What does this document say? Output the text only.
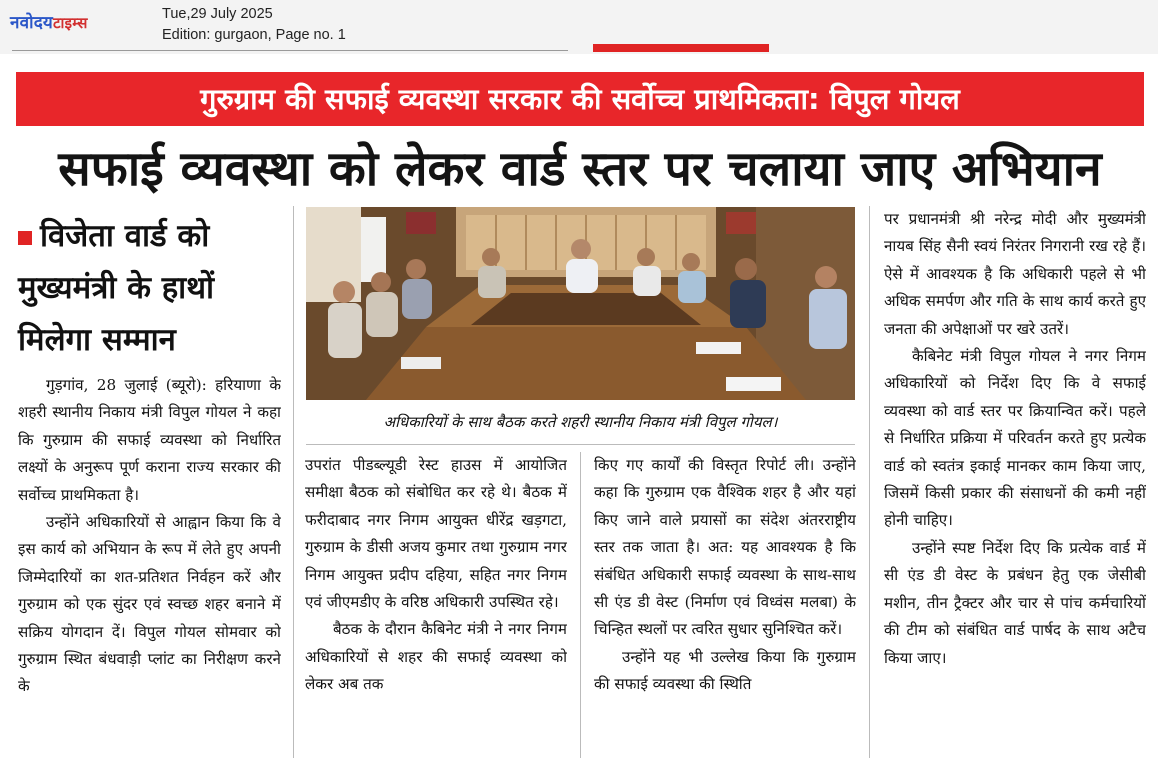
नवोदयटाइम्स	Tue,29 July 2025
Edition: gurgaon, Page no. 1
गुरुग्राम की सफाई व्यवस्था सरकार की सर्वोच्च प्राथमिकता: विपुल गोयल
सफाई व्यवस्था को लेकर वार्ड स्तर पर चलाया जाए अभियान
विजेता वार्ड को
मुख्यमंत्री के हाथों
मिलेगा सम्मान
अधिकारियों के साथ बैठक करते शहरी स्थानीय निकाय मंत्री विपुल गोयल।

गुड़गांव, 28 जुलाई (ब्यूरो): हरियाणा के शहरी स्थानीय निकाय मंत्री विपुल गोयल ने कहा कि गुरुग्राम की सफाई व्यवस्था को निर्धारित लक्ष्यों के अनुरूप पूर्ण कराना राज्य सरकार की सर्वोच्च प्राथमिकता है।

उन्होंने अधिकारियों से आह्वान किया कि वे इस कार्य को अभियान के रूप में लेते हुए अपनी जिम्मेदारियों का शत-प्रतिशत निर्वहन करें और गुरुग्राम को एक सुंदर एवं स्वच्छ शहर बनाने में सक्रिय योगदान दें। विपुल गोयल सोमवार को गुरुग्राम स्थित बंधवाड़ी प्लांट का निरीक्षण करने के

उपरांत पीडब्ल्यूडी रेस्ट हाउस में आयोजित समीक्षा बैठक को संबोधित कर रहे थे। बैठक में फरीदाबाद नगर निगम आयुक्त धीरेंद्र खड़गटा, गुरुग्राम के डीसी अजय कुमार तथा गुरुग्राम नगर निगम आयुक्त प्रदीप दहिया, सहित नगर निगम एवं जीएमडीए के वरिष्ठ अधिकारी उपस्थित रहे।

बैठक के दौरान कैबिनेट मंत्री ने नगर निगम अधिकारियों से शहर की सफाई व्यवस्था को लेकर अब तक

किए गए कार्यों की विस्तृत रिपोर्ट ली। उन्होंने कहा कि गुरुग्राम एक वैश्विक शहर है और यहां किए जाने वाले प्रयासों का संदेश अंतरराष्ट्रीय स्तर तक जाता है। अत: यह आवश्यक है कि संबंधित अधिकारी सफाई व्यवस्था के साथ-साथ सी एंड डी वेस्ट (निर्माण एवं विध्वंस मलबा) के चिन्हित स्थलों पर त्वरित सुधार सुनिश्चित करें।

उन्होंने यह भी उल्लेख किया कि गुरुग्राम की सफाई व्यवस्था की स्थिति

पर प्रधानमंत्री श्री नरेन्द्र मोदी और मुख्यमंत्री नायब सिंह सैनी स्वयं निरंतर निगरानी रख रहे हैं। ऐसे में आवश्यक है कि अधिकारी पहले से भी अधिक समर्पण और गति के साथ कार्य करते हुए जनता की अपेक्षाओं पर खरे उतरें।

कैबिनेट मंत्री विपुल गोयल ने नगर निगम अधिकारियों को निर्देश दिए कि वे सफाई व्यवस्था को वार्ड स्तर पर क्रियान्वित करें। पहले से निर्धारित प्रक्रिया में परिवर्तन करते हुए प्रत्येक वार्ड को स्वतंत्र इकाई मानकर काम किया जाए, जिसमें किसी प्रकार की संसाधनों की कमी नहीं होनी चाहिए।

उन्होंने स्पष्ट निर्देश दिए कि प्रत्येक वार्ड में सी एंड डी वेस्ट के प्रबंधन हेतु एक जेसीबी मशीन, तीन ट्रैक्टर और चार से पांच कर्मचारियों की टीम को संबंधित वार्ड पार्षद के साथ अटैच किया जाए।
